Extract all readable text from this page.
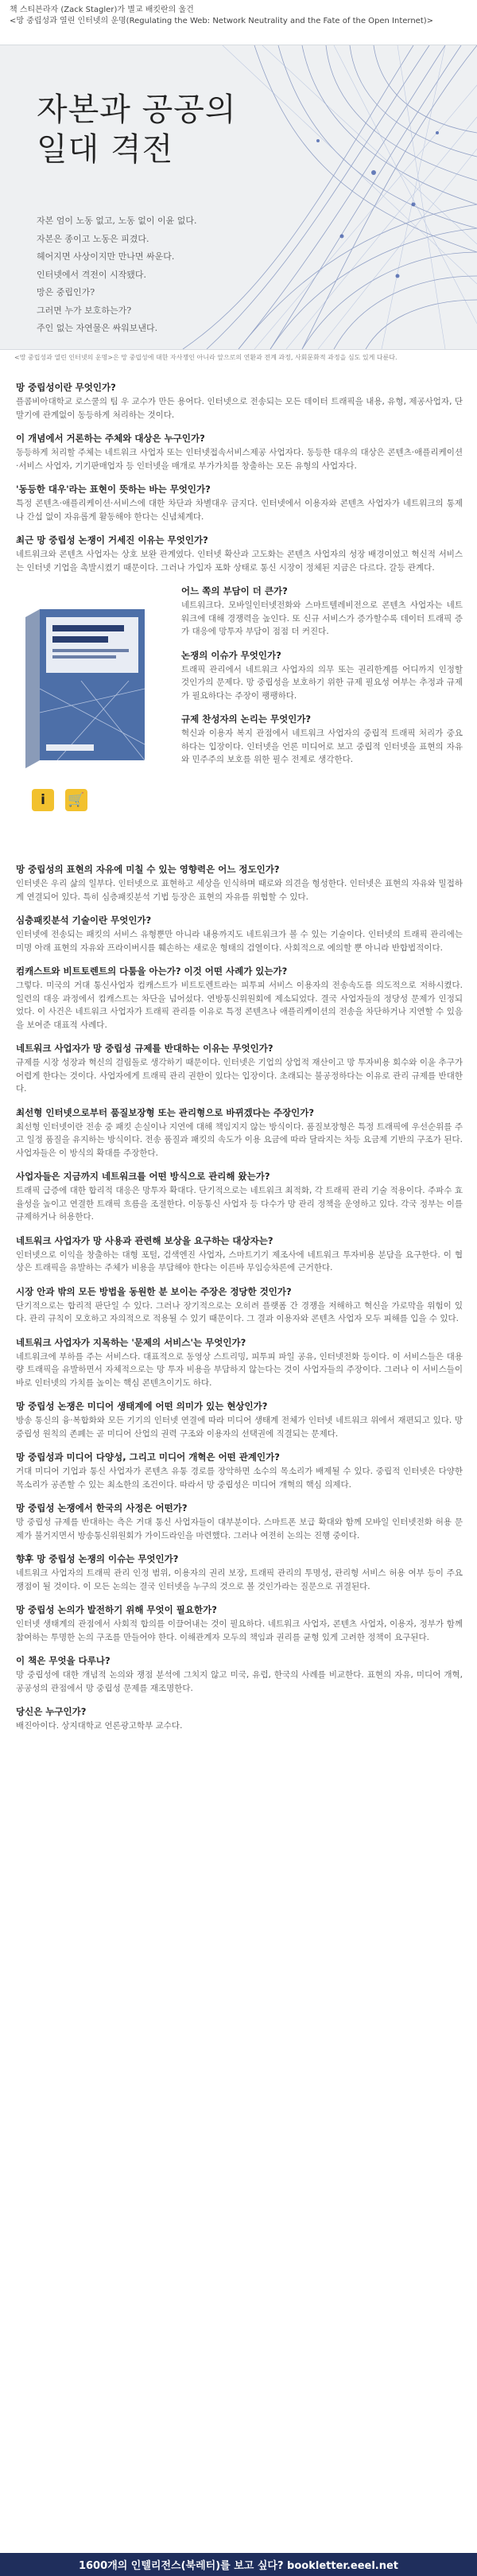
책 스티븐라자 (Zack Stagler)가 별교 배킷란의 울건
<망 중립성과 열린 인터넷의 운명(Regulating the Web: Network Neutrality and the Fate of the Open Internet)>
자본과 공공의
일대 격전
자본 엄이 노동 없고, 노동 없이 이윤 없다.
자본은 종이고 노동은 피겼다.
헤어지면 사상이지만 만나면 싸운다.
인터넷에서 격전이 시작됐다.
망은 중립인가?
그러면 누가 보호하는가?
주인 없는 자연물은 싸워보낸다.
<망 중립성과 열린 인터넷의 운명>은 망 중립성에 대한 자사쟁인 아니라 앞으로의 연환과 전계 과정, 사회문화적 과정을 심도 있게 다룬다.

망 중립성이란 무엇인가?

플콤비아대학교 로스쿨의 팀 우 교수가 만든 용어다. 인터넷으로 전송되는 모든 데이터 트래픽을 내용, 유형, 제공사업자, 단말기에 관계없이 동등하게 처리하는 것이다.

이 개념에서 거론하는 주체와 대상은 누구인가?

동등하게 처리할 주체는 네트워크 사업자 또는 인터넷접속서비스제공 사업자다. 동등한 대우의 대상은 콘텐츠·애플리케이션·서비스 사업자, 기기판매업자 등 인터넷을 매개로 부가가치를 창출하는 모든 유형의 사업자다.

'동등한 대우'라는 표현이 뜻하는 바는 무엇인가?

특정 콘텐츠·애플리케이션·서비스에 대한 차단과 차별대우 금지다. 인터넷에서 이용자와 콘텐츠 사업자가 네트워크의 통제나 간섭 없이 자유롭게 활동해야 한다는 신념체계다.

최근 망 중립성 논쟁이 거세진 이유는 무엇인가?

네트워크와 콘텐츠 사업자는 상호 보완 관계였다. 인터넷 확산과 고도화는 콘텐츠 사업자의 성장 배경이었고 혁신적 서비스는 인터넷 기업을 촉발시켰기 때문이다. 그러나 가입자 포화 상태로 통신 시장이 정체된 지금은 다르다. 갈등 관계다.

어느 쪽의 부담이 더 큰가?

네트워크다. 모바일인터넷전화와 스마트텔레비전으로 콘텐츠 사업자는 네트워크에 대해 경쟁력을 높인다. 또 신규 서비스가 증가할수록 데이터 트래픽 증가 대응에 망투자 부담이 점점 더 커진다.

논쟁의 이슈가 무엇인가?

트래픽 관리에서 네트워크 사업자의 의무 또는 권리한계를 어디까지 인정할 것인가의 문제다. 망 중립성을 보호하기 위한 규제 필요성 여부는 추정과 규제가 필요하다는 주장이 팽팽하다.

규제 찬성자의 논리는 무엇인가?

혁신과 이용자 복지 관점에서 네트워크 사업자의 중립적 트래픽 처리가 중요하다는 입장이다. 인터넷을 언론 미디어로 보고 중립적 인터넷을 표현의 자유와 민주주의 보호를 위한 필수 전제로 생각한다.

i	🛒

망 중립성의 표현의 자유에 미칠 수 있는 영향력은 어느 정도인가?

인터넷은 우리 삶의 일부다. 인터넷으로 표현하고 세상을 인식하며 때로와 의견을 형성한다. 인터넷은 표현의 자유와 밀접하게 연결되어 있다. 특히 심층패킷분석 기법 등장은 표현의 자유를 위협할 수 있다.

심층패킷분석 기술이란 무엇인가?

인터넷에 전송되는 패킷의 서비스 유형뿐만 아니라 내용까지도 네트워크가 볼 수 있는 기술이다. 인터넷의 트래픽 관리에는 미명 아래 표현의 자유와 프라이버시를 훼손하는 새로운 형태의 검열이다. 사회적으로 예의할 뿐 아니라 반합법적이다.

컴캐스트와 비트토렌트의 다툼을 아는가? 이것 어떤 사례가 있는가?

그렇다. 미국의 거대 통신사업자 컴캐스트가 비트토렌트라는 피투피 서비스 이용자의 전송속도를 의도적으로 저하시켰다. 일련의 대응 과정에서 컴캐스트는 차단을 넘어섰다. 연방통신위원회에 제소되었다. 결국 사업자들의 정당성 문제가 인정되었다. 이 사건은 네트워크 사업자가 트래픽 관리를 이유로 특정 콘텐츠나 애플리케이션의 전송을 차단하거나 지연할 수 있음을 보여준 대표적 사례다.

네트워크 사업자가 망 중립성 규제를 반대하는 이유는 무엇인가?

규제를 시장 성장과 혁신의 걸림돌로 생각하기 때문이다. 인터넷은 기업의 상업적 재산이고 망 투자비용 회수와 이윤 추구가 어렵게 한다는 것이다. 사업자에게 트래픽 관리 권한이 있다는 입장이다. 초래되는 불공정하다는 이유로 관리 규제를 반대한다.

최선형 인터넷으로부터 품질보장형 또는 관리형으로 바뀌겠다는 주장인가?

최선형 인터넷이란 전송 중 패킷 손실이나 지연에 대해 책임지지 않는 방식이다. 품질보장형은 특정 트래픽에 우선순위를 주고 일정 품질을 유지하는 방식이다. 전송 품질과 패킷의 속도가 이용 요금에 따라 달라지는 차등 요금제 기반의 구조가 된다. 사업자들은 이 방식의 확대를 주장한다.

사업자들은 지금까지 네트워크를 어떤 방식으로 관리해 왔는가?

트래픽 급증에 대한 합리적 대응은 망투자 확대다. 단기적으로는 네트워크 최적화, 각 트래픽 관리 기술 적용이다. 주파수 효율성을 높이고 연결한 트래픽 흐름을 조절한다. 이동통신 사업자 등 다수가 망 관리 정책을 운영하고 있다. 각국 정부는 이를 규제하거나 허용한다.

네트워크 사업자가 망 사용과 관련해 보상을 요구하는 대상자는?

인터넷으로 이익을 창출하는 대형 포털, 검색엔진 사업자, 스마트기기 제조사에 네트워크 투자비용 분담을 요구한다. 이 협상은 트래픽을 유발하는 주체가 비용을 부담해야 한다는 이른바 무임승차론에 근거한다.

시장 안과 밖의 모든 방법을 동원한 분 보이는 주장은 정당한 것인가?

단기적으로는 합리적 판단일 수 있다. 그러나 장기적으로는 오히려 플랫폼 간 경쟁을 저해하고 혁신을 가로막을 위험이 있다. 관리 규칙이 모호하고 자의적으로 적용될 수 있기 때문이다. 그 결과 이용자와 콘텐츠 사업자 모두 피해를 입을 수 있다.

네트워크 사업자가 지목하는 '문제의 서비스'는 무엇인가?

네트워크에 부하를 주는 서비스다. 대표적으로 동영상 스트리밍, 피투피 파일 공유, 인터넷전화 등이다. 이 서비스들은 대용량 트래픽을 유발하면서 자체적으로는 망 투자 비용을 부담하지 않는다는 것이 사업자들의 주장이다. 그러나 이 서비스들이 바로 인터넷의 가치를 높이는 핵심 콘텐츠이기도 하다.

망 중립성 논쟁은 미디어 생태계에 어떤 의미가 있는 현상인가?

방송 통신의 융·복합화와 모든 기기의 인터넷 연결에 따라 미디어 생태계 전체가 인터넷 네트워크 위에서 재편되고 있다. 망 중립성 원칙의 존폐는 곧 미디어 산업의 권력 구조와 이용자의 선택권에 직결되는 문제다.

망 중립성과 미디어 다양성, 그리고 미디어 개혁은 어떤 관계인가?

거대 미디어 기업과 통신 사업자가 콘텐츠 유통 경로를 장악하면 소수의 목소리가 배제될 수 있다. 중립적 인터넷은 다양한 목소리가 공존할 수 있는 최소한의 조건이다. 따라서 망 중립성은 미디어 개혁의 핵심 의제다.

망 중립성 논쟁에서 한국의 사정은 어떤가?

망 중립성 규제를 반대하는 측은 거대 통신 사업자들이 대부분이다. 스마트폰 보급 확대와 함께 모바일 인터넷전화 허용 문제가 불거지면서 방송통신위원회가 가이드라인을 마련했다. 그러나 여전히 논의는 진행 중이다.

향후 망 중립성 논쟁의 이슈는 무엇인가?

네트워크 사업자의 트래픽 관리 인정 범위, 이용자의 권리 보장, 트래픽 관리의 투명성, 관리형 서비스 허용 여부 등이 주요 쟁점이 될 것이다. 이 모든 논의는 결국 인터넷을 누구의 것으로 볼 것인가라는 질문으로 귀결된다.

망 중립성 논의가 발전하기 위해 무엇이 필요한가?

인터넷 생태계의 관점에서 사회적 합의를 이끌어내는 것이 필요하다. 네트워크 사업자, 콘텐츠 사업자, 이용자, 정부가 함께 참여하는 투명한 논의 구조를 만들어야 한다. 이해관계자 모두의 책임과 권리를 균형 있게 고려한 정책이 요구된다.

이 책은 무엇을 다루나?

망 중립성에 대한 개념적 논의와 쟁점 분석에 그치지 않고 미국, 유럽, 한국의 사례를 비교한다. 표현의 자유, 미디어 개혁, 공공성의 관점에서 망 중립성 문제를 재조명한다.

당신은 누구인가?

배진아이다. 상지대학교 언론광고학부 교수다.

1600개의 인텔리전스(북레터)를 보고 싶다? bookletter.eeel.net
